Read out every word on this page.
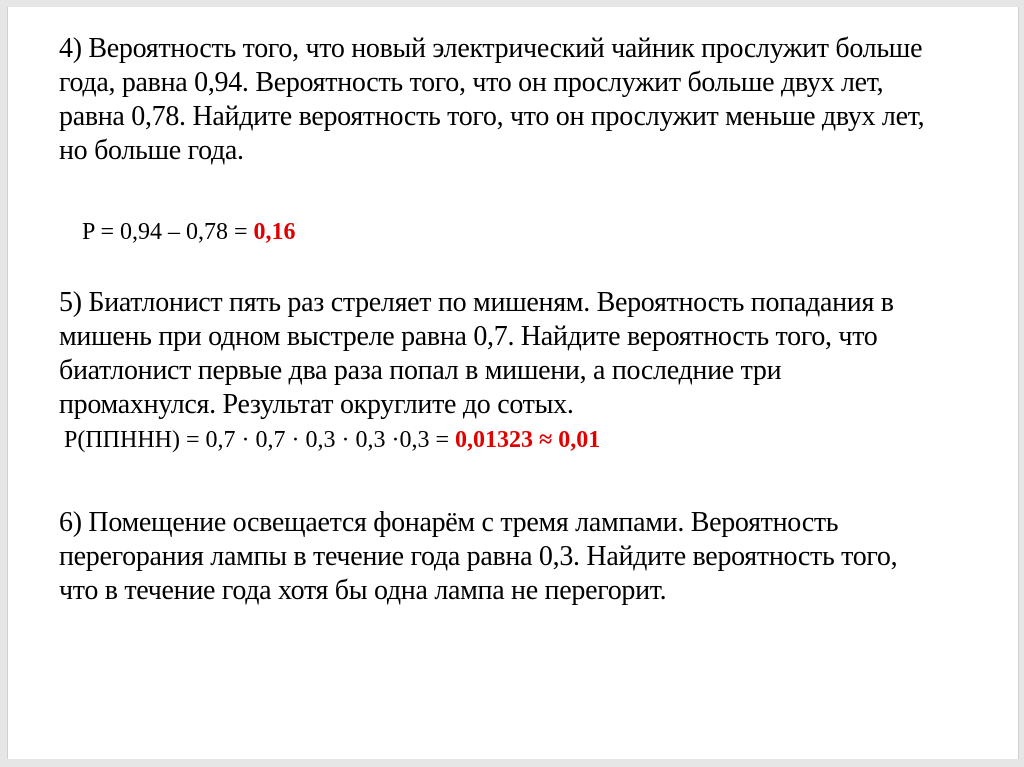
4) Вероятность того, что новый электрический чайник прослужит больше года, равна 0,94. Вероятность того, что он прослужит больше двух лет, равна 0,78. Найдите вероятность того, что он прослужит меньше двух лет, но больше года.

P = 0,94 – 0,78 = 0,16

5) Биатлонист пять раз стреляет по мишеням. Вероятность попадания в мишень при одном выстреле равна 0,7. Найдите вероятность того, что биатлонист первые два раза попал в мишени, а последние три промахнулся. Результат округлите до сотых.

P(ППННН) = 0,7 · 0,7 · 0,3 · 0,3 ·0,3 = 0,01323 ≈ 0,01

6) Помещение освещается фонарём с тремя лампами. Вероятность перегорания лампы в течение года равна 0,3. Найдите вероятность того, что в течение года хотя бы одна лампа не перегорит.
